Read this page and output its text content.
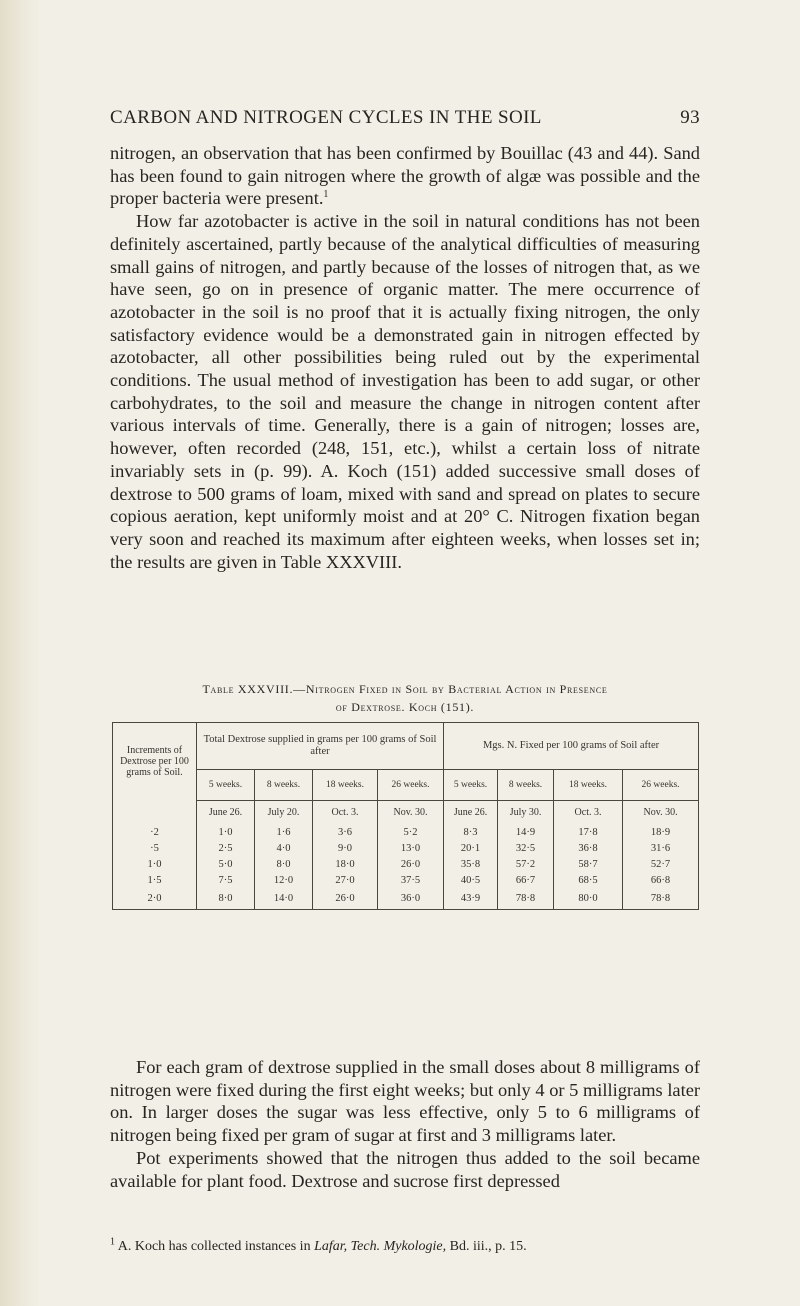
CARBON AND NITROGEN CYCLES IN THE SOIL	93

nitrogen, an observation that has been confirmed by Bouillac (43 and 44). Sand has been found to gain nitrogen where the growth of algæ was possible and the proper bacteria were present.$^1$

How far azotobacter is active in the soil in natural conditions has not been definitely ascertained, partly because of the analytical difficulties of measuring small gains of nitrogen, and partly because of the losses of nitrogen that, as we have seen, go on in presence of organic matter. The mere occurrence of azotobacter in the soil is no proof that it is actually fixing nitrogen, the only satisfactory evidence would be a demonstrated gain in nitrogen effected by azotobacter, all other possibilities being ruled out by the experimental conditions. The usual method of investigation has been to add sugar, or other carbohydrates, to the soil and measure the change in nitrogen content after various intervals of time. Generally, there is a gain of nitrogen; losses are, however, often recorded (248, 151, etc.), whilst a certain loss of nitrate invariably sets in (p. 99). A. Koch (151) added successive small doses of dextrose to 500 grams of loam, mixed with sand and spread on plates to secure copious aeration, kept uniformly moist and at 20° C. Nitrogen fixation began very soon and reached its maximum after eighteen weeks, when losses set in; the results are given in Table XXXVIII.

Table XXXVIII.—Nitrogen Fixed in Soil by Bacterial Action in Presence
of Dextrose. Koch (151).
Increments of Dextrose per 100 grams of Soil.	Total Dextrose supplied in grams per 100 grams of Soil after				Mgs. N. Fixed per 100 grams of Soil after			
	5 weeks.	8 weeks.	18 weeks.	26 weeks.	5 weeks.	8 weeks.	18 weeks.	26 weeks.
	June 26.	July 20.	Oct. 3.	Nov. 30.	June 26.	July 30.	Oct. 3.	Nov. 30.
·2	1·0	1·6	3·6	5·2	8·3	14·9	17·8	18·9
·5	2·5	4·0	9·0	13·0	20·1	32·5	36·8	31·6
1·0	5·0	8·0	18·0	26·0	35·8	57·2	58·7	52·7
1·5	7·5	12·0	27·0	37·5	40·5	66·7	68·5	66·8
2·0	8·0	14·0	26·0	36·0	43·9	78·8	80·0	78·8

For each gram of dextrose supplied in the small doses about 8 milligrams of nitrogen were fixed during the first eight weeks; but only 4 or 5 milligrams later on. In larger doses the sugar was less effective, only 5 to 6 milligrams of nitrogen being fixed per gram of sugar at first and 3 milligrams later.

Pot experiments showed that the nitrogen thus added to the soil became available for plant food. Dextrose and sucrose first depressed

$^1$ A. Koch has collected instances in Lafar, Tech. Mykologie, Bd. iii., p. 15.
